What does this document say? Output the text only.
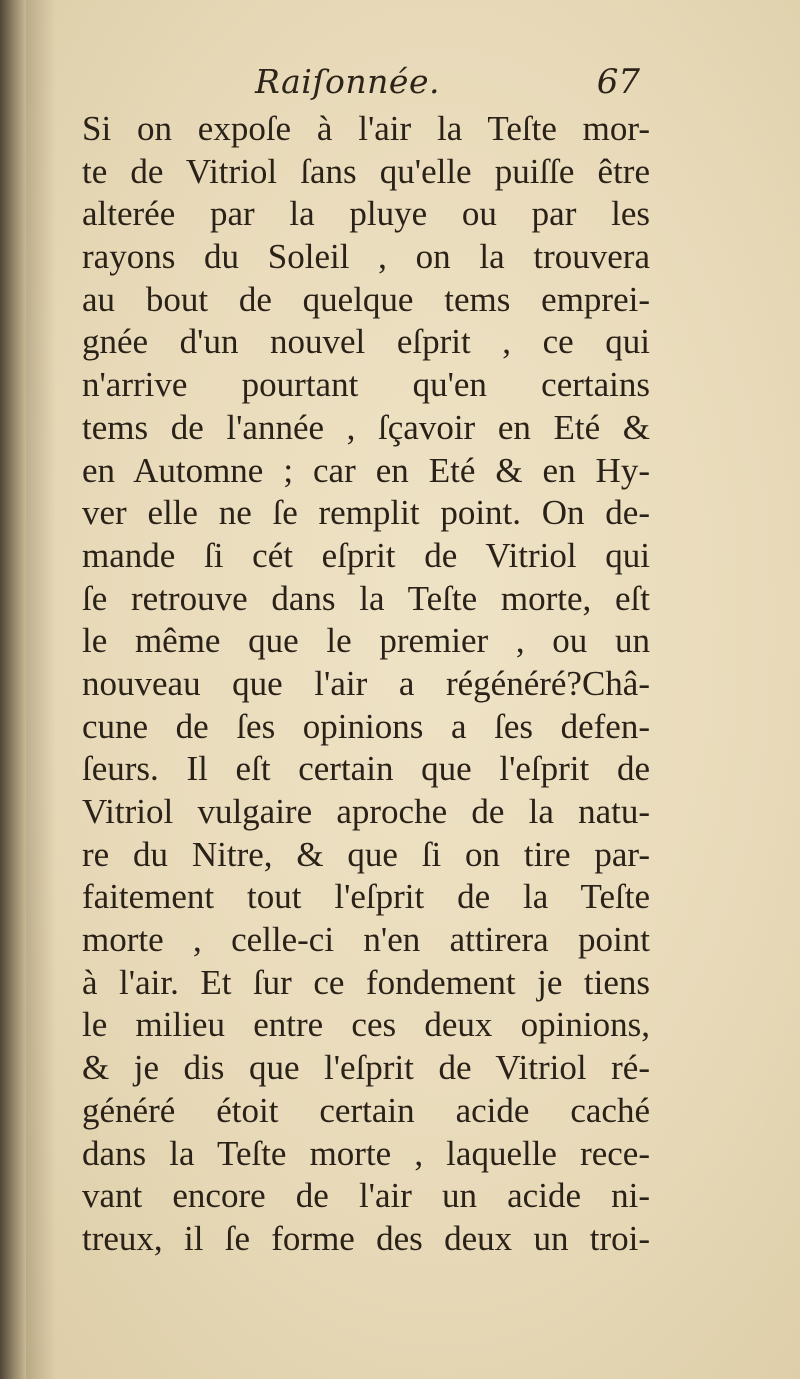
Raiſonnée.	67
Si on expoſe à l'air la Teſte mor-
te de Vitriol ſans qu'elle puiſſe être
alterée par la pluye ou par les
rayons du Soleil , on la trouvera
au bout de quelque tems emprei-
gnée d'un nouvel eſprit , ce qui
n'arrive pourtant qu'en certains
tems de l'année , ſçavoir en Eté &
en Automne ; car en Eté & en Hy-
ver elle ne ſe remplit point. On de-
mande ſi cét eſprit de Vitriol qui
ſe retrouve dans la Teſte morte, eſt
le même que le premier , ou un
nouveau que l'air a régénéré?Châ-
cune de ſes opinions a ſes defen-
ſeurs. Il eſt certain que l'eſprit de
Vitriol vulgaire aproche de la natu-
re du Nitre, & que ſi on tire par-
faitement tout l'eſprit de la Teſte
morte , celle-ci n'en attirera point
à l'air. Et ſur ce fondement je tiens
le milieu entre ces deux opinions,
& je dis que l'eſprit de Vitriol ré-
généré étoit certain acide caché
dans la Teſte morte , laquelle rece-
vant encore de l'air un acide ni-
treux, il ſe forme des deux un troi-
